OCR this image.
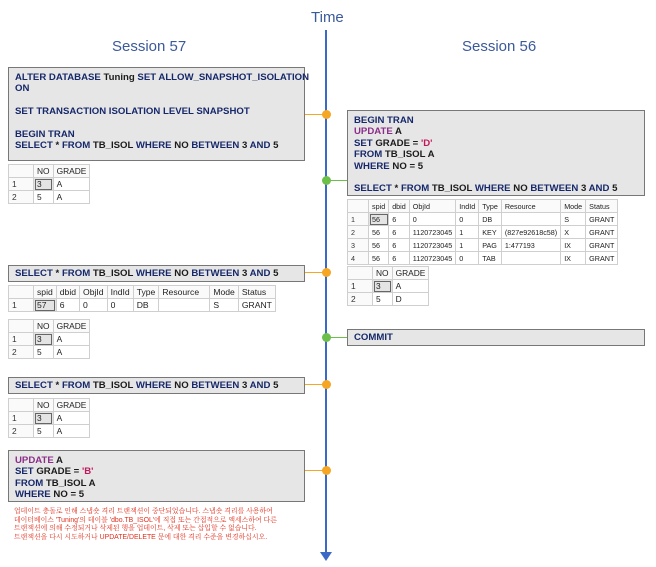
Time
Session 57	Session 56
ALTER DATABASE Tuning SET ALLOW_SNAPSHOT_ISOLATION
ON

SET TRANSACTION ISOLATION LEVEL SNAPSHOT

BEGIN TRAN
SELECT * FROM TB_ISOL WHERE NO BETWEEN 3 AND 5
	NO	GRADE
1	3	A
2	5	A
BEGIN TRAN
UPDATE A
SET GRADE = 'D'
FROM TB_ISOL A
WHERE NO = 5

SELECT * FROM TB_ISOL WHERE NO BETWEEN 3 AND 5
	spid	dbid	ObjId	IndId	Type	Resource	Mode	Status
1	56	6	0	0	DB		S	GRANT
2	56	6	1120723045	1	KEY	(827e92618c58)	X	GRANT
3	56	6	1120723045	1	PAG	1:477193	IX	GRANT
4	56	6	1120723045	0	TAB		IX	GRANT
	NO	GRADE
1	3	A
2	5	D
SELECT * FROM TB_ISOL WHERE NO BETWEEN 3 AND 5
	spid	dbid	ObjId	IndId	Type	Resource	Mode	Status
1	57	6	0	0	DB		S	GRANT
	NO	GRADE
1	3	A
2	5	A
COMMIT
SELECT * FROM TB_ISOL WHERE NO BETWEEN 3 AND 5
	NO	GRADE
1	3	A
2	5	A
UPDATE A
SET GRADE = 'B'
FROM TB_ISOL A
WHERE NO = 5
업데이트 충돌로 인해 스냅숏 격리 트랜잭션이 중단되었습니다. 스냅숏 격리를 사용하여
데이터베이스 'Tuning'의 테이블 'dbo.TB_ISOL'에 직접 또는 간접적으로 액세스하여 다른
트랜잭션에 의해 수정되거나 삭제된 행을 업데이트, 삭제 또는 삽입할 수 없습니다.
트랜잭션을 다시 시도하거나 UPDATE/DELETE 문에 대한 격리 수준을 변경하십시오.
